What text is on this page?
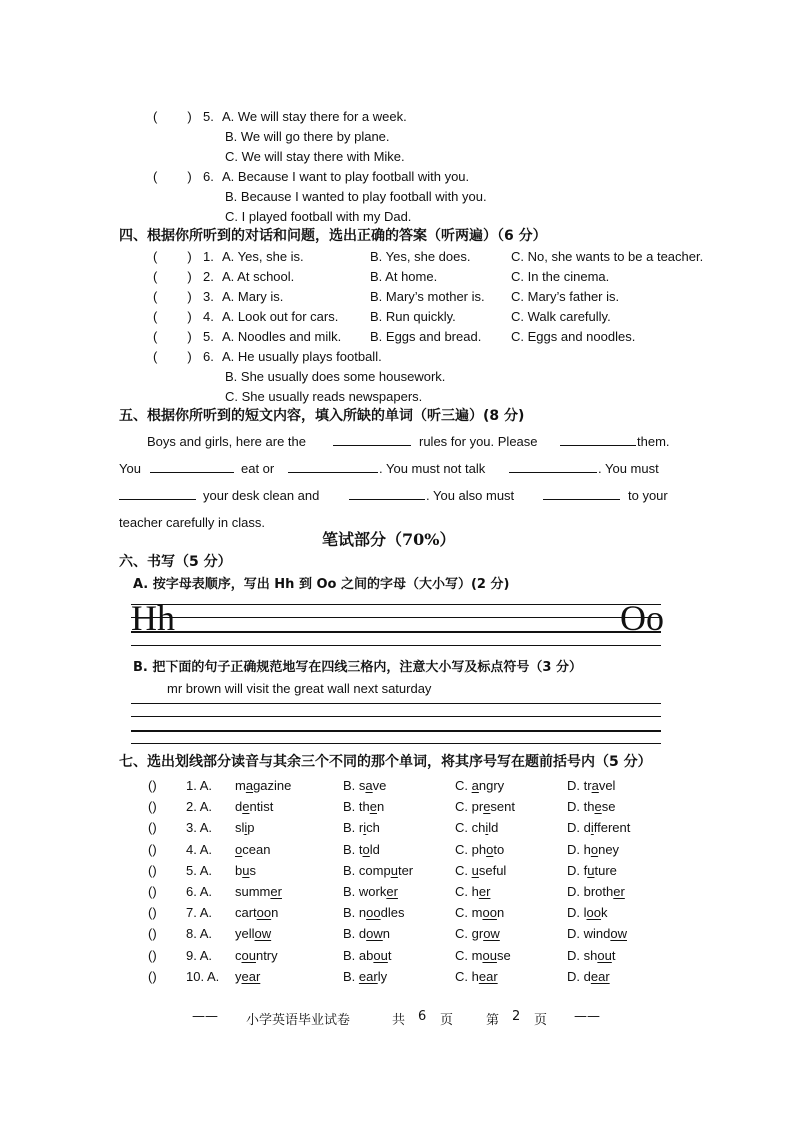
( ) 5. A. We will stay there for a week.
B. We will go there by plane.
C. We will stay there with Mike.
( ) 6. A. Because I want to play football with you.
B. Because I wanted to play football with you.
C. I played football with my Dad.
四、根据你所听到的对话和问题，选出正确的答案（听两遍）（6 分）
( ) 1. A. Yes, she is.	B. Yes, she does.	C. No, she wants to be a teacher.
( ) 2. A. At school.	B. At home.	C. In the cinema.
( ) 3. A. Mary is.	B. Mary’s mother is. C. Mary’s father is.
( ) 4. A. Look out for cars. B. Run quickly.	C. Walk carefully.
( ) 5. A. Noodles and milk. B. Eggs and bread. C. Eggs and noodles.
( ) 6. A. He usually plays football.
B. She usually does some housework.
C. She usually reads newspapers.
五、根据你所听到的短文内容，填入所缺的单词（听三遍）(8 分)
Boys and girls, here are the	rules for you. Please	them.
You	eat or	. You must not talk	. You must
your desk clean and	. You also must	to your
teacher carefully in class.
笔试部分（70%）
六、书写（5 分）
A. 按字母表顺序，写出 Hh 到 Oo 之间的字母（大小写）(2 分)
Hh	Oo
B. 把下面的句子正确规范地写在四线三格内，注意大小写及标点符号（3 分）
mr brown will visit the great wall next saturday
七、选出划线部分读音与其余三个不同的那个单词，将其序号写在题前括号内（5 分）
(
) 1. A. magazine	B. save	C. angry	D. travel
(
) 2. A. dentist	B. then	C. present	D. these
(
) 3. A. slip	B. rich	C. child	D. different
(
) 4. A. ocean	B. told	C. photo	D. honey
(
) 5. A. bus	B. computer	C. useful	D. future
(
) 6. A. summer	B. worker	C. her	D. brother
(
) 7. A. cartoon	B. noodles	C. moon	D. look
(
) 8. A. yellow	B. down	C. grow	D. window
(
) 9. A. country	B. about	C. mouse	D. shout
(
) 10. A. year	B. early	C. hear	D. dear
—— 小学英语毕业试卷	共 6 页	第 2 页 ——
